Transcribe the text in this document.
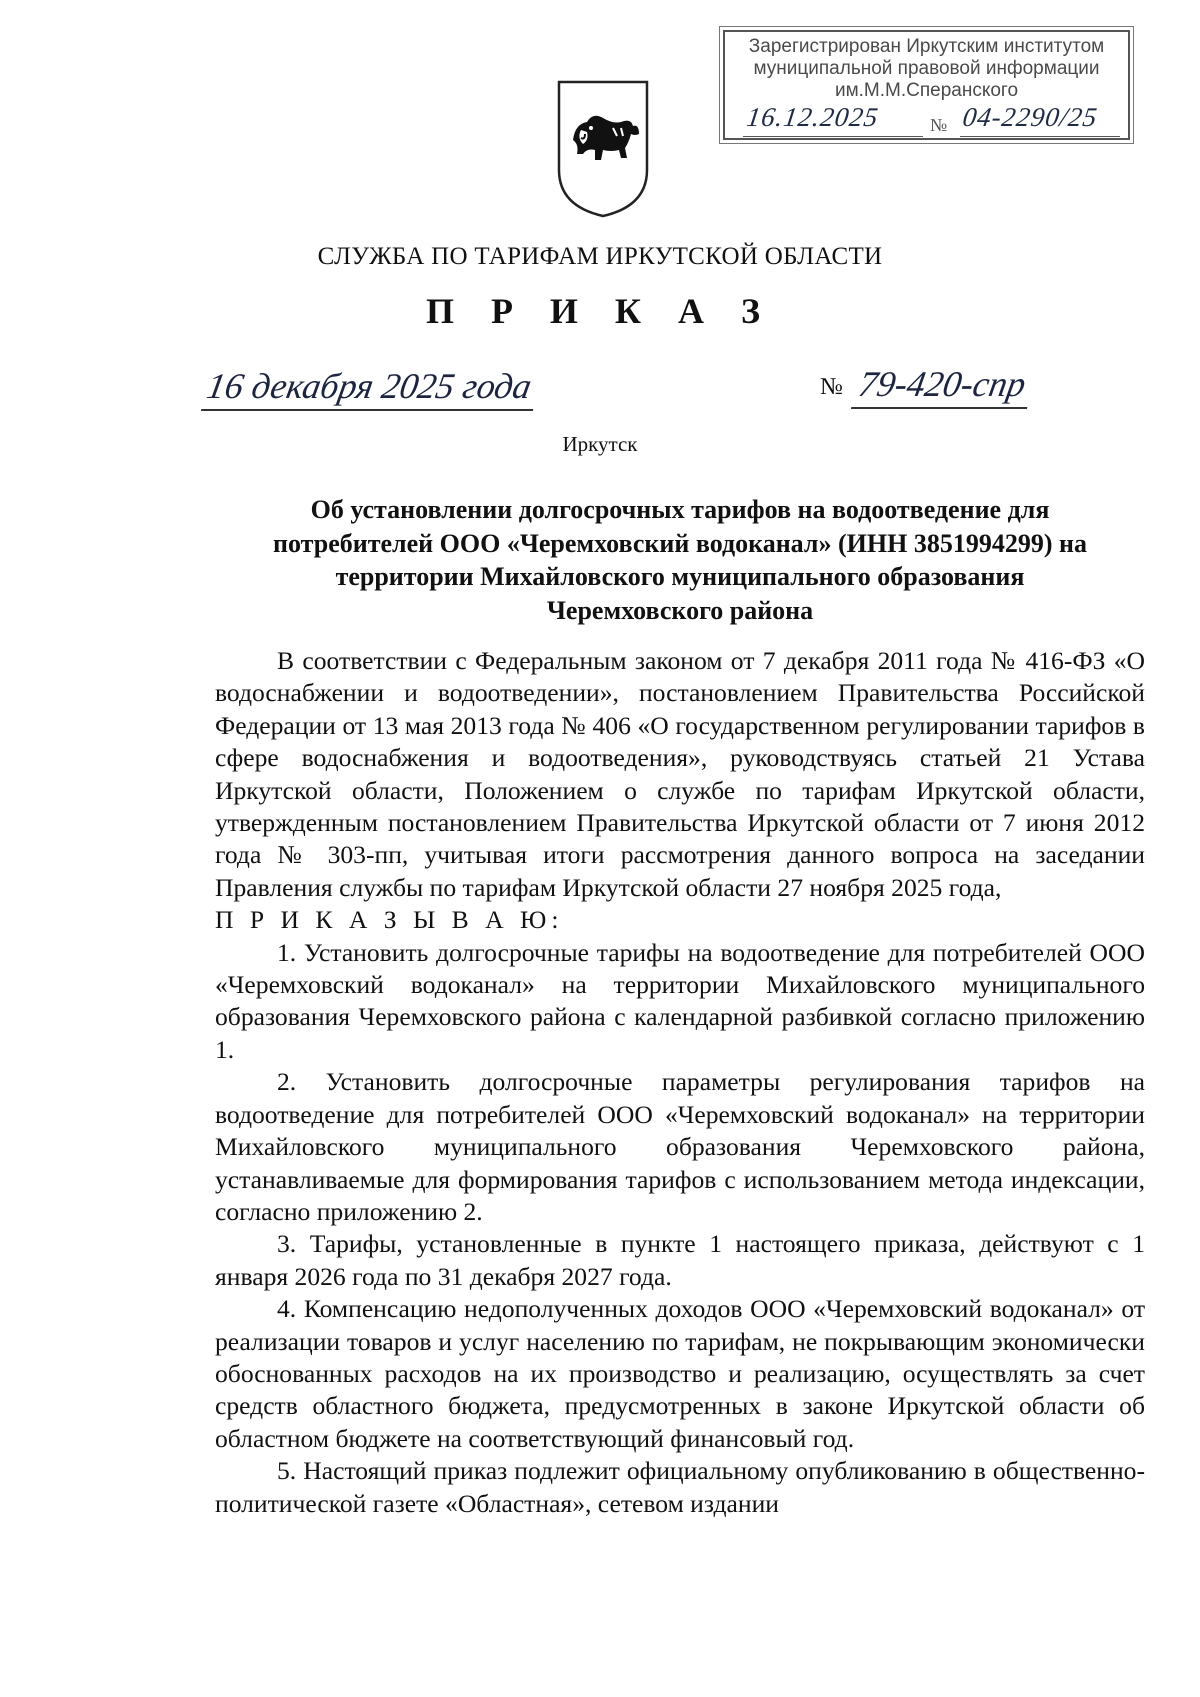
Зарегистрирован Иркутским институтом
муниципальной правовой информации
им.М.М.Сперанского
16.12.2025	№ 04-2290/25
СЛУЖБА ПО ТАРИФАМ ИРКУТСКОЙ ОБЛАСТИ
П Р И К А З
16 декабря 2025 года	№ 79-420-спр
Иркутск
Об установлении долгосрочных тарифов на водоотведение для
потребителей ООО «Черемховский водоканал» (ИНН 3851994299) на
территории Михайловского муниципального образования
Черемховского района

В соответствии с Федеральным законом от 7 декабря 2011 года № 416-ФЗ «О водоснабжении и водоотведении», постановлением Правительства Российской Федерации от 13 мая 2013 года № 406 «О государственном регулировании тарифов в сфере водоснабжения и водоотведения», руководствуясь статьей 21 Устава Иркутской области, Положением о службе по тарифам Иркутской области, утвержденным постановлением Правительства Иркутской области от 7 июня 2012 года № 303-пп, учитывая итоги рассмотрения данного вопроса на заседании Правления службы по тарифам Иркутской области 27 ноября 2025 года,

П Р И К А З Ы В А Ю:

1. Установить долгосрочные тарифы на водоотведение для потребителей ООО «Черемховский водоканал» на территории Михайловского муниципального образования Черемховского района с календарной разбивкой согласно приложению 1.

2. Установить долгосрочные параметры регулирования тарифов на водоотведение для потребителей ООО «Черемховский водоканал» на территории Михайловского муниципального образования Черемховского района, устанавливаемые для формирования тарифов с использованием метода индексации, согласно приложению 2.

3. Тарифы, установленные в пункте 1 настоящего приказа, действуют с 1 января 2026 года по 31 декабря 2027 года.

4. Компенсацию недополученных доходов ООО «Черемховский водоканал» от реализации товаров и услуг населению по тарифам, не покрывающим экономически обоснованных расходов на их производство и реализацию, осуществлять за счет средств областного бюджета, предусмотренных в законе Иркутской области об областном бюджете на соответствующий финансовый год.

5. Настоящий приказ подлежит официальному опубликованию в общественно-политической газете «Областная», сетевом издании
